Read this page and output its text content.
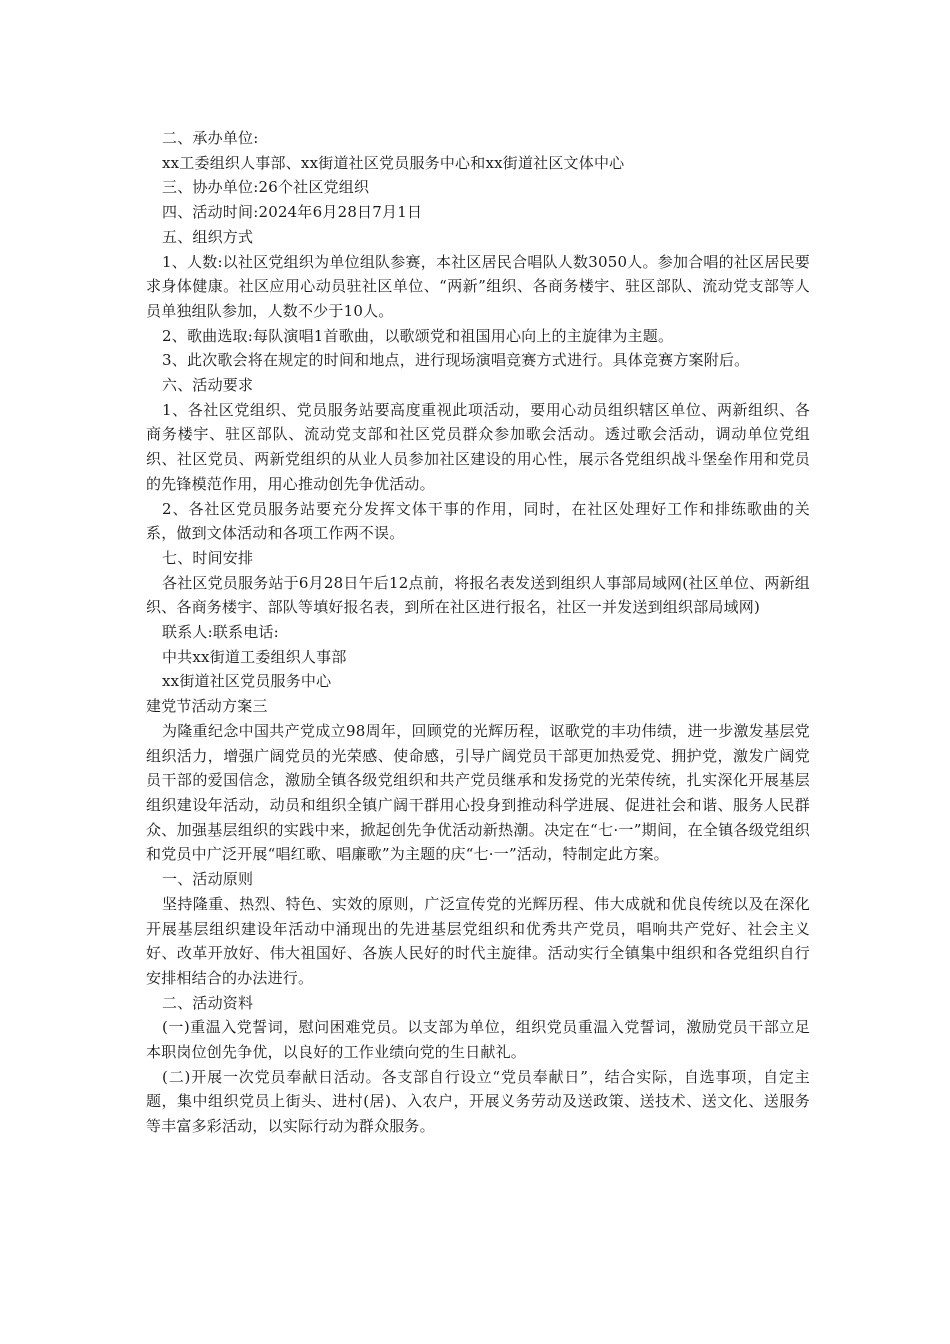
二、承办单位:

xx工委组织人事部、xx街道社区党员服务中心和xx街道社区文体中心

三、协办单位:26个社区党组织

四、活动时间:2024年6月28日7月1日

五、组织方式

1、人数:以社区党组织为单位组队参赛，本社区居民合唱队人数3050人。参加合唱的社区居民要求身体健康。社区应用心动员驻社区单位、“两新”组织、各商务楼宇、驻区部队、流动党支部等人员单独组队参加，人数不少于10人。

2、歌曲选取:每队演唱1首歌曲，以歌颂党和祖国用心向上的主旋律为主题。

3、此次歌会将在规定的时间和地点，进行现场演唱竞赛方式进行。具体竞赛方案附后。

六、活动要求

1、各社区党组织、党员服务站要高度重视此项活动，要用心动员组织辖区单位、两新组织、各商务楼宇、驻区部队、流动党支部和社区党员群众参加歌会活动。透过歌会活动，调动单位党组织、社区党员、两新党组织的从业人员参加社区建设的用心性，展示各党组织战斗堡垒作用和党员的先锋模范作用，用心推动创先争优活动。

2、各社区党员服务站要充分发挥文体干事的作用，同时，在社区处理好工作和排练歌曲的关系，做到文体活动和各项工作两不误。

七、时间安排

各社区党员服务站于6月28日午后12点前，将报名表发送到组织人事部局域网(社区单位、两新组织、各商务楼宇、部队等填好报名表，到所在社区进行报名，社区一并发送到组织部局域网)

联系人:联系电话:

中共xx街道工委组织人事部

xx街道社区党员服务中心

建党节活动方案三

为隆重纪念中国共产党成立98周年，回顾党的光辉历程，讴歌党的丰功伟绩，进一步激发基层党组织活力，增强广阔党员的光荣感、使命感，引导广阔党员干部更加热爱党、拥护党，激发广阔党员干部的爱国信念，激励全镇各级党组织和共产党员继承和发扬党的光荣传统，扎实深化开展基层组织建设年活动，动员和组织全镇广阔干群用心投身到推动科学进展、促进社会和谐、服务人民群众、加强基层组织的实践中来，掀起创先争优活动新热潮。决定在“七·一”期间，在全镇各级党组织和党员中广泛开展“唱红歌、唱廉歌”为主题的庆“七·一”活动，特制定此方案。

一、活动原则

坚持隆重、热烈、特色、实效的原则，广泛宣传党的光辉历程、伟大成就和优良传统以及在深化开展基层组织建设年活动中涌现出的先进基层党组织和优秀共产党员，唱响共产党好、社会主义好、改革开放好、伟大祖国好、各族人民好的时代主旋律。活动实行全镇集中组织和各党组织自行安排相结合的办法进行。

二、活动资料

(一)重温入党誓词，慰问困难党员。以支部为单位，组织党员重温入党誓词，激励党员干部立足本职岗位创先争优，以良好的工作业绩向党的生日献礼。

(二)开展一次党员奉献日活动。各支部自行设立“党员奉献日”，结合实际，自选事项，自定主题，集中组织党员上街头、进村(居)、入农户，开展义务劳动及送政策、送技术、送文化、送服务等丰富多彩活动，以实际行动为群众服务。
